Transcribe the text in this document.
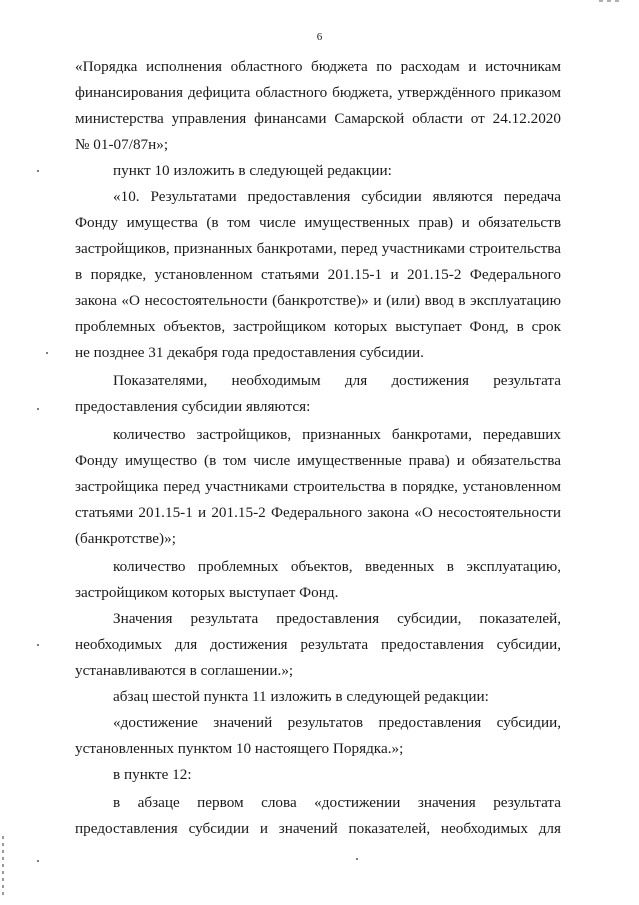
6
«Порядка исполнения областного бюджета по расходам и источникам
финансирования дефицита областного бюджета, утверждённого приказом
министерства управления финансами Самарской области от 24.12.2020
№ 01-07/87н»;
пункт 10 изложить в следующей редакции:
«10. Результатами предоставления субсидии являются передача
Фонду имущества (в том числе имущественных прав) и обязательств
застройщиков, признанных банкротами, перед участниками строительства
в порядке, установленном статьями 201.15-1 и 201.15-2 Федерального
закона «О несостоятельности (банкротстве)» и (или) ввод в эксплуатацию
проблемных объектов, застройщиком которых выступает Фонд, в срок
не позднее 31 декабря года предоставления субсидии.
Показателями, необходимым для достижения результата
предоставления субсидии являются:
количество застройщиков, признанных банкротами, передавших
Фонду имущество (в том числе имущественные права) и обязательства
застройщика перед участниками строительства в порядке, установленном
статьями 201.15-1 и 201.15-2 Федерального закона «О несостоятельности
(банкротстве)»;
количество проблемных объектов, введенных в эксплуатацию,
застройщиком которых выступает Фонд.
Значения результата предоставления субсидии, показателей,
необходимых для достижения результата предоставления субсидии,
устанавливаются в соглашении.»;
абзац шестой пункта 11 изложить в следующей редакции:
«достижение значений результатов предоставления субсидии,
установленных пунктом 10 настоящего Порядка.»;
в пункте 12:
в абзаце первом слова «достижении значения результата
предоставления субсидии и значений показателей, необходимых для
